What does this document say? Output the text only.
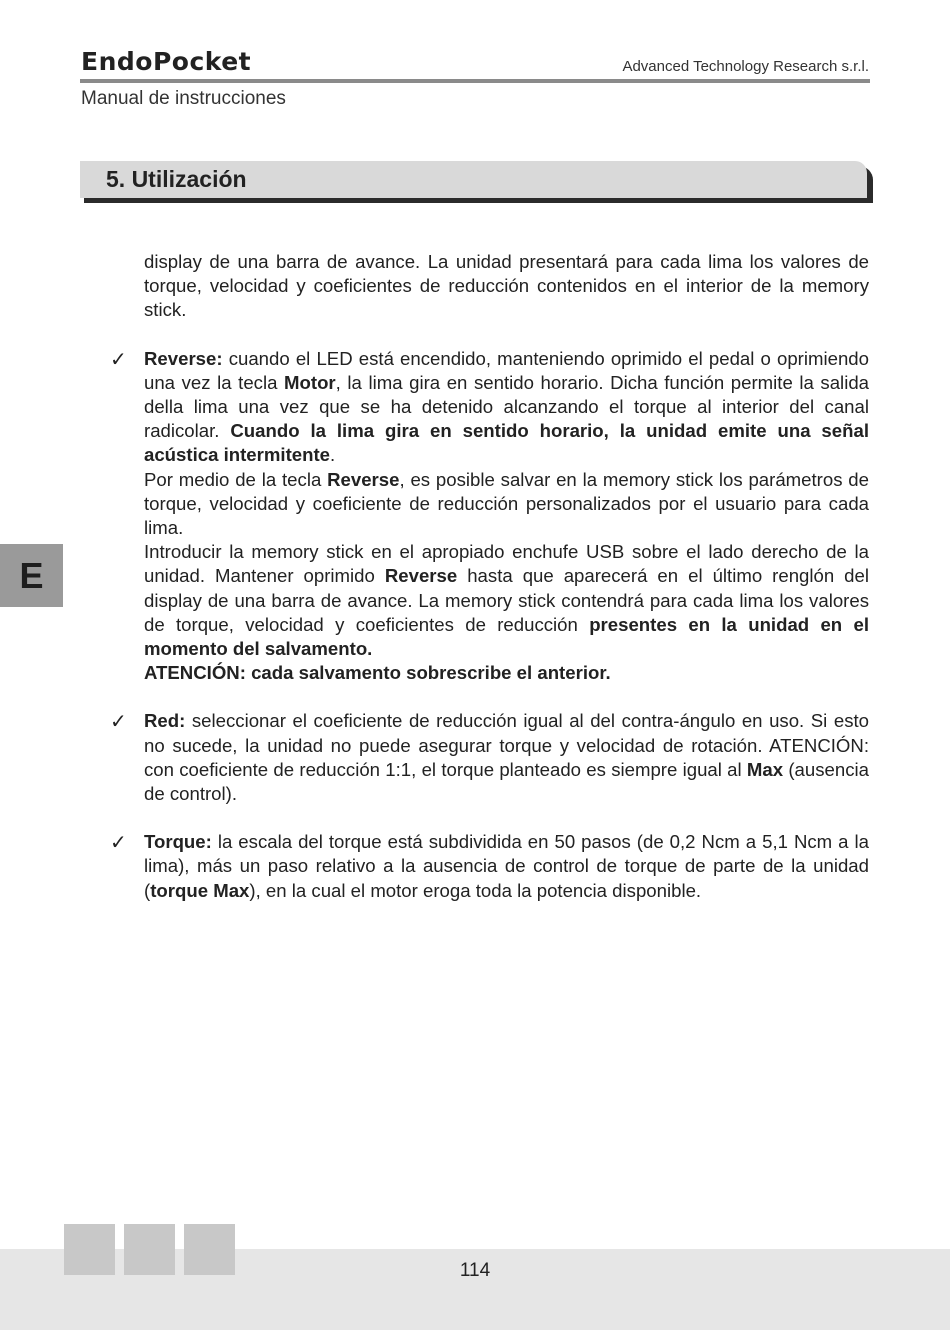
EndoPocket	Advanced Technology Research s.r.l.
Manual de instrucciones
5. Utilización

display de una barra de avance. La unidad presentará para cada lima los valores de torque, velocidad y coeficientes de reducción contenidos en el interior de la memory stick.

✓ Reverse: cuando el LED está encendido, manteniendo oprimido el pedal o oprimiendo una vez la tecla Motor, la lima gira en sentido horario. Dicha función permite la salida della lima una vez que se ha detenido alcanzando el torque al interior del canal radicolar. Cuando la lima gira en sentido horario, la unidad emite una señal acústica intermitente.

Por medio de la tecla Reverse, es posible salvar en la memory stick los parámetros de torque, velocidad y coeficiente de reducción personalizados por el usuario para cada lima.

Introducir la memory stick en el apropiado enchufe USB sobre el lado derecho de la unidad. Mantener oprimido Reverse hasta que aparecerá en el último renglón del display de una barra de avance. La memory stick contendrá para cada lima los valores de torque, velocidad y coeficientes de reducción presentes en la unidad en el momento del salvamento.

ATENCIÓN: cada salvamento sobrescribe el anterior.

✓ Red: seleccionar el coeficiente de reducción igual al del contra-ángulo en uso. Si esto no sucede, la unidad no puede asegurar torque y velocidad de rotación. ATENCIÓN: con coeficiente de reducción 1:1, el torque planteado es siempre igual al Max (ausencia de control).

✓ Torque: la escala del torque está subdividida en 50 pasos (de 0,2 Ncm a 5,1 Ncm a la lima), más un paso relativo a la ausencia de control de torque de parte de la unidad (torque Max), en la cual el motor eroga toda la potencia disponible.

E
114
